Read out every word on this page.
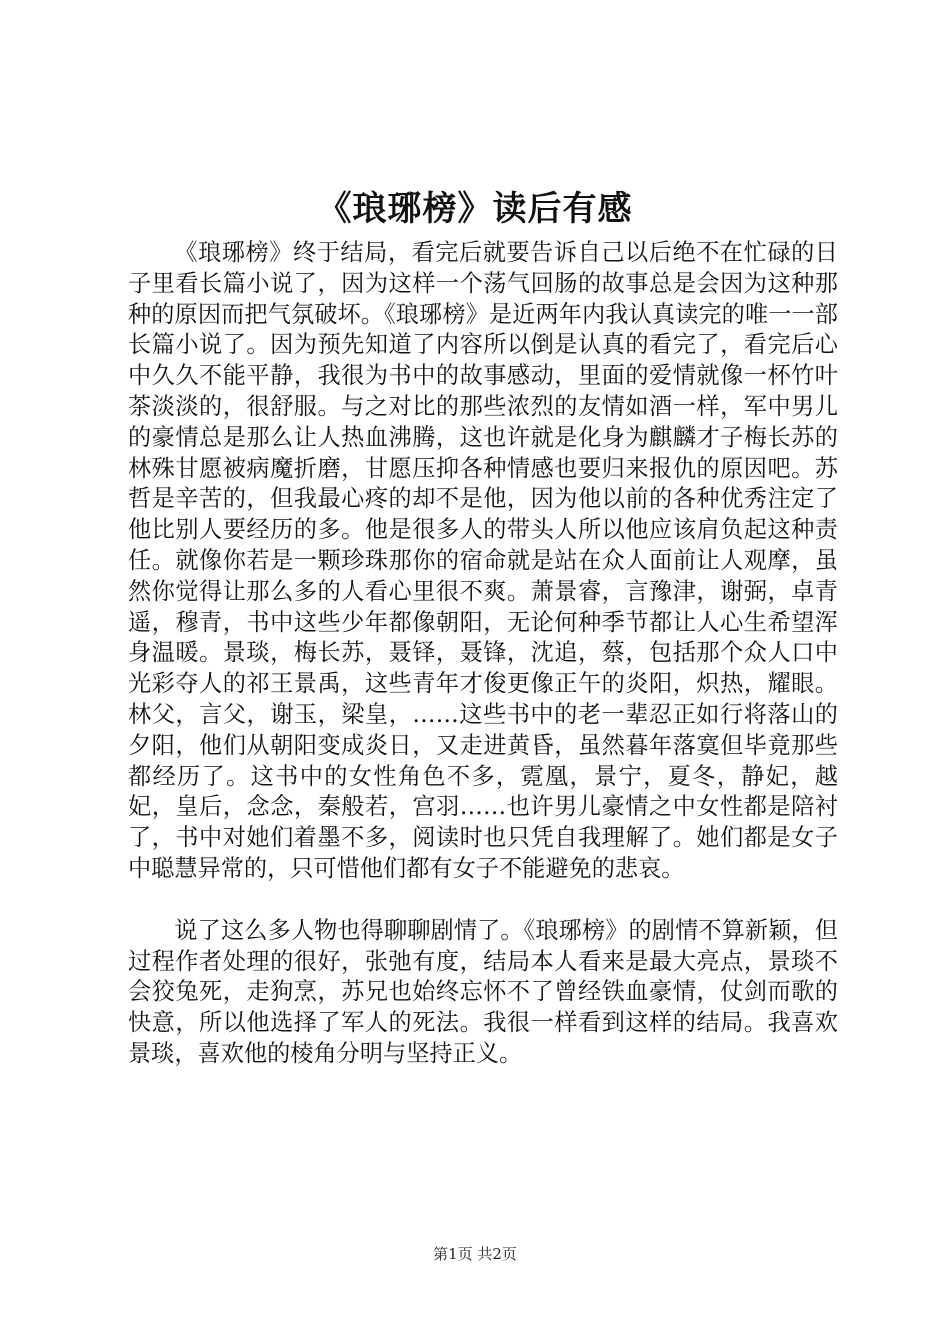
《琅琊榜》读后有感

《琅琊榜》终于结局，看完后就要告诉自己以后绝不在忙碌的日子里看长篇小说了，因为这样一个荡气回肠的故事总是会因为这种那种的原因而把气氛破坏。《琅琊榜》是近两年内我认真读完的唯一一部长篇小说了。因为预先知道了内容所以倒是认真的看完了，看完后心中久久不能平静，我很为书中的故事感动，里面的爱情就像一杯竹叶茶淡淡的，很舒服。与之对比的那些浓烈的友情如酒一样，军中男儿的豪情总是那么让人热血沸腾，这也许就是化身为麒麟才子梅长苏的林殊甘愿被病魔折磨，甘愿压抑各种情感也要归来报仇的原因吧。苏哲是辛苦的，但我最心疼的却不是他，因为他以前的各种优秀注定了他比别人要经历的多。他是很多人的带头人所以他应该肩负起这种责任。就像你若是一颗珍珠那你的宿命就是站在众人面前让人观摩，虽然你觉得让那么多的人看心里很不爽。萧景睿，言豫津，谢弼，卓青遥，穆青，书中这些少年都像朝阳，无论何种季节都让人心生希望浑身温暖。景琰，梅长苏，聂铎，聂锋，沈追，蔡，包括那个众人口中光彩夺人的祁王景禹，这些青年才俊更像正午的炎阳，炽热，耀眼。林父，言父，谢玉，梁皇，……这些书中的老一辈忍正如行将落山的夕阳，他们从朝阳变成炎日，又走进黄昏，虽然暮年落寞但毕竟那些都经历了。这书中的女性角色不多，霓凰，景宁，夏冬，静妃，越妃，皇后，念念，秦般若，宫羽……也许男儿豪情之中女性都是陪衬了，书中对她们着墨不多，阅读时也只凭自我理解了。她们都是女子中聪慧异常的，只可惜他们都有女子不能避免的悲哀。

说了这么多人物也得聊聊剧情了。《琅琊榜》的剧情不算新颖，但过程作者处理的很好，张弛有度，结局本人看来是最大亮点，景琰不会狡兔死，走狗烹，苏兄也始终忘怀不了曾经铁血豪情，仗剑而歌的快意，所以他选择了军人的死法。我很一样看到这样的结局。我喜欢景琰，喜欢他的棱角分明与坚持正义。

第1页 共2页
